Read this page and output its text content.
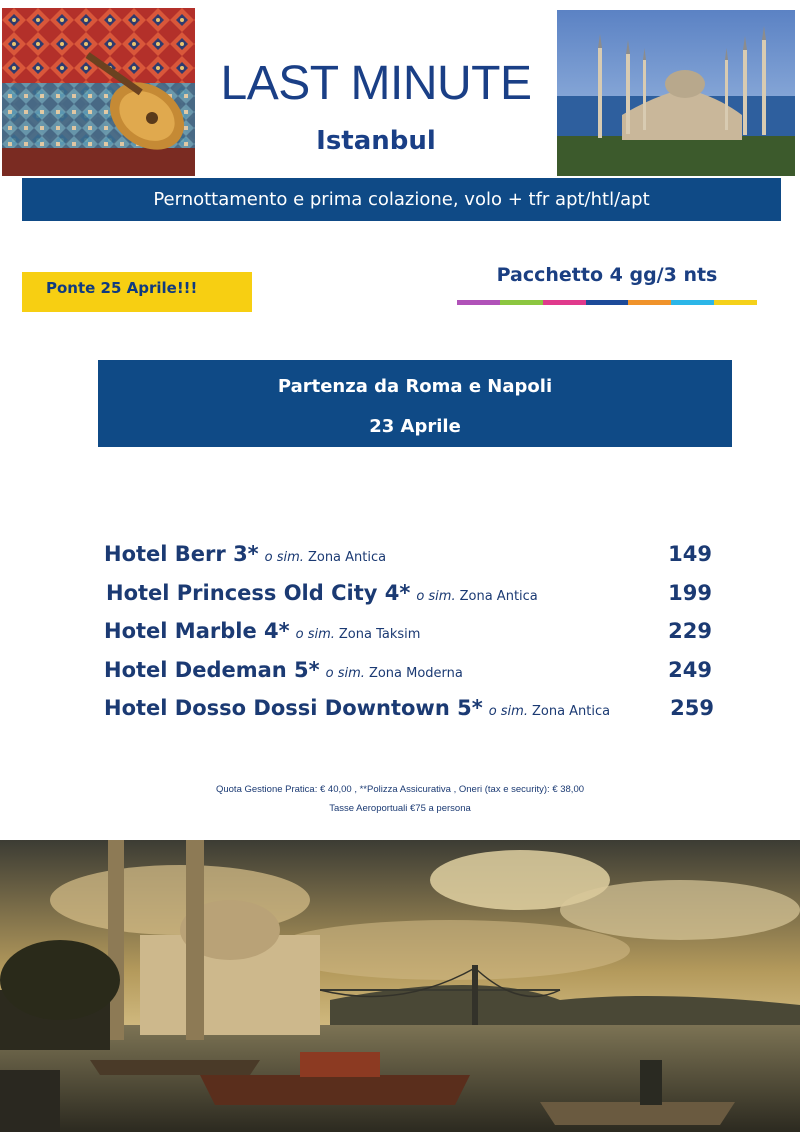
LAST MINUTE
Istanbul
Pernottamento e prima colazione, volo + tfr apt/htl/apt
Ponte 25 Aprile!!!
Pacchetto 4 gg/3 nts
Partenza da Roma e Napoli
23 Aprile
Hotel Berr 3* o sim. Zona Antica	149
Hotel Princess Old City 4* o sim. Zona Antica	199
Hotel Marble 4* o sim. Zona Taksim	229
Hotel Dedeman 5* o sim. Zona Moderna	249
Hotel Dosso Dossi Downtown 5* o sim. Zona Antica	259
Quota Gestione Pratica: € 40,00 , **Polizza Assicurativa , Oneri (tax e security): € 38,00
Tasse Aeroportuali €75 a persona
